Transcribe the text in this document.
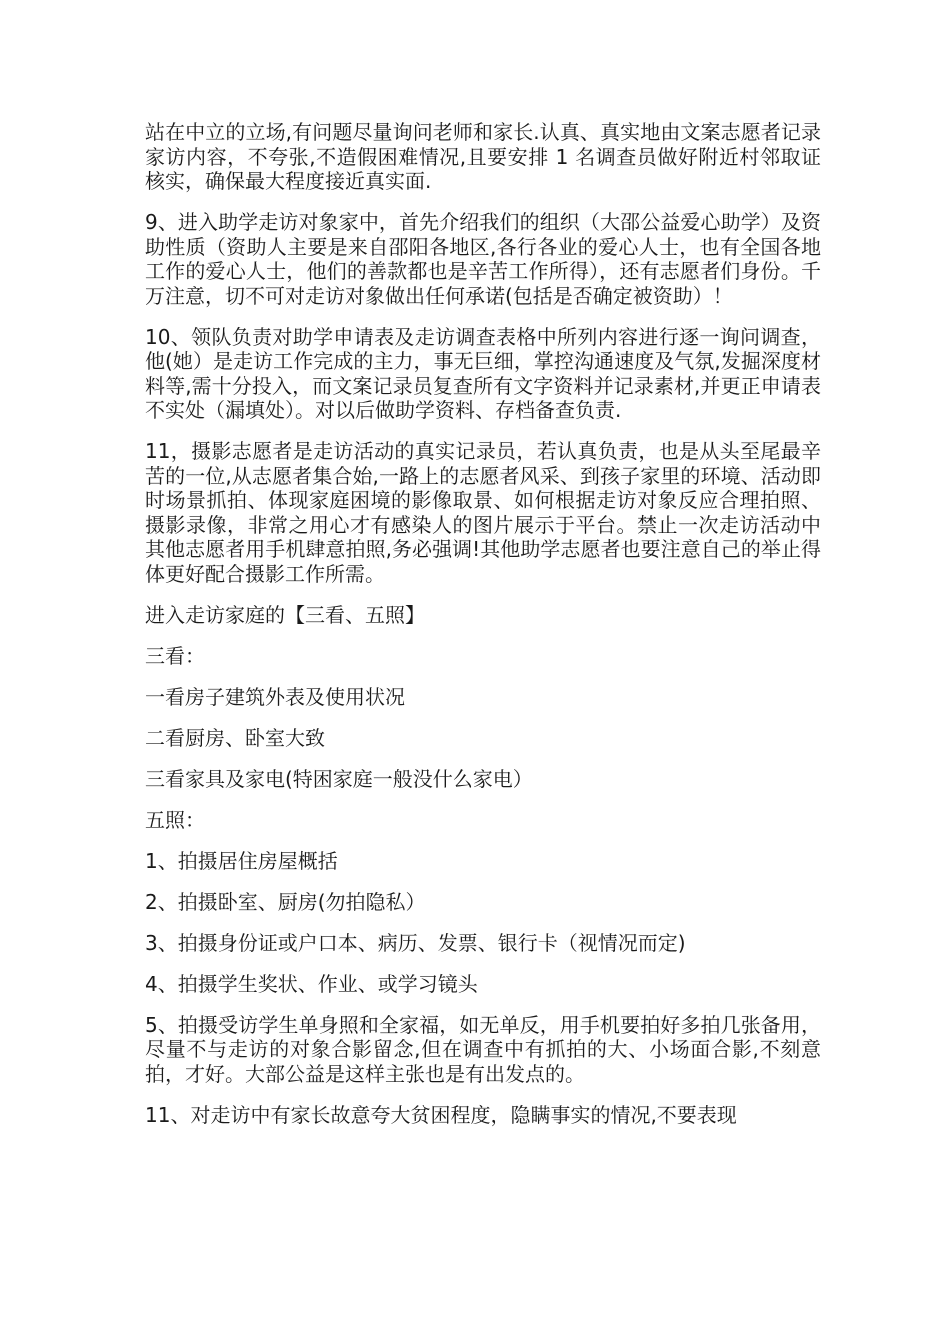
站在中立的立场,有问题尽量询问老师和家长.认真、真实地由文案志愿者记录家访内容，不夸张,不造假困难情况,且要安排 1 名调查员做好附近村邻取证核实，确保最大程度接近真实面.

9、进入助学走访对象家中，首先介绍我们的组织（大邵公益爱心助学）及资助性质（资助人主要是来自邵阳各地区,各行各业的爱心人士，也有全国各地工作的爱心人士，他们的善款都也是辛苦工作所得），还有志愿者们身份。千万注意，切不可对走访对象做出任何承诺(包括是否确定被资助）！

10、领队负责对助学申请表及走访调查表格中所列内容进行逐一询问调查，他(她）是走访工作完成的主力，事无巨细，掌控沟通速度及气氛,发掘深度材料等,需十分投入，而文案记录员复查所有文字资料并记录素材,并更正申请表不实处（漏填处）。对以后做助学资料、存档备查负责.

11，摄影志愿者是走访活动的真实记录员，若认真负责，也是从头至尾最辛苦的一位,从志愿者集合始,一路上的志愿者风采、到孩子家里的环境、活动即时场景抓拍、体现家庭困境的影像取景、如何根据走访对象反应合理拍照、摄影录像，非常之用心才有感染人的图片展示于平台。禁止一次走访活动中其他志愿者用手机肆意拍照,务必强调!其他助学志愿者也要注意自己的举止得体更好配合摄影工作所需。

进入走访家庭的【三看、五照】

三看：

一看房子建筑外表及使用状况

二看厨房、卧室大致

三看家具及家电(特困家庭一般没什么家电）

五照：

1、拍摄居住房屋概括

2、拍摄卧室、厨房(勿拍隐私）

3、拍摄身份证或户口本、病历、发票、银行卡（视情况而定)

4、拍摄学生奖状、作业、或学习镜头

5、拍摄受访学生单身照和全家福，如无单反，用手机要拍好多拍几张备用，尽量不与走访的对象合影留念,但在调查中有抓拍的大、小场面合影,不刻意拍，才好。大部公益是这样主张也是有出发点的。

11、对走访中有家长故意夸大贫困程度，隐瞒事实的情况,不要表现
